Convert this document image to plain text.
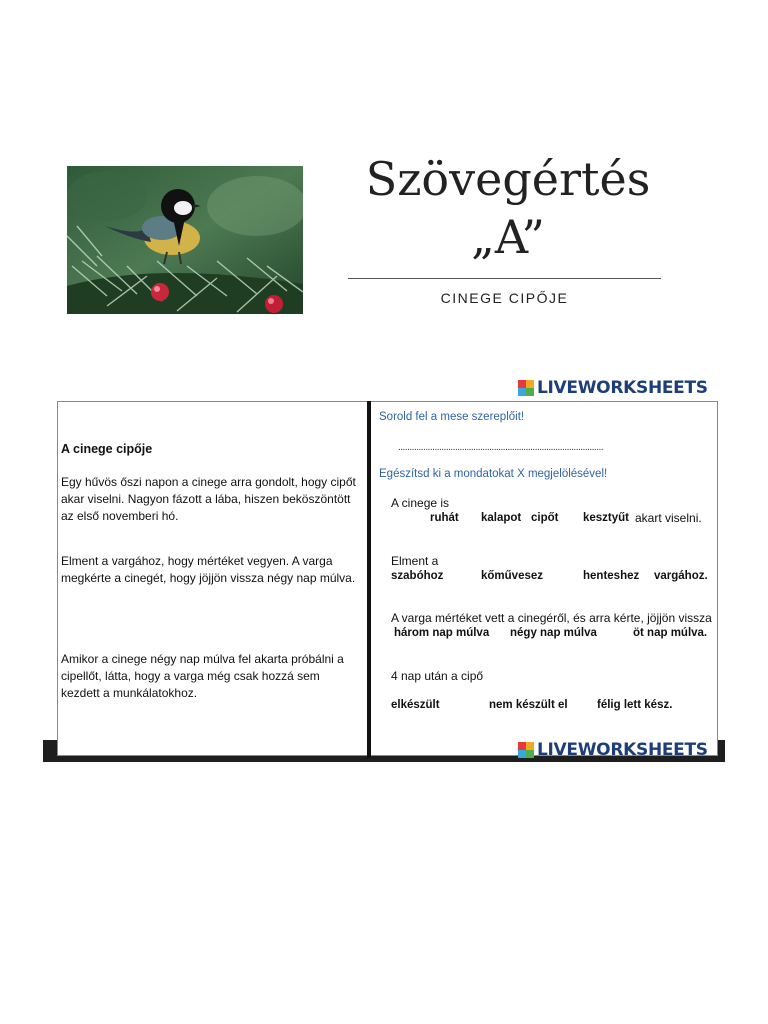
Szövegértés
„A”
CINEGE CIPŐJE
LIVEWORKSHEETS
A cinege cipője
Egy hűvös őszi napon a cinege arra gondolt, hogy cipőt akar viselni. Nagyon fázott a lába, hiszen beköszöntött az első novemberi hó.
Elment a vargához, hogy mértéket vegyen. A varga megkérte a cinegét, hogy jöjjön vissza négy nap múlva.
Amikor a cinege négy nap múlva fel akarta próbálni a cipellőt, látta, hogy a varga még csak hozzá sem kezdett a munkálatokhoz.
Sorold fel a mese szereplőit!
..........................................................................................
Egészítsd ki a mondatokat X megjelölésével!
A cinege is
ruhát kalapot cipőt kesztyűt akart viselni.
Elment a
szabóhoz	kőművesez	henteshez vargához.
A varga mértéket vett a cinegéről, és arra kérte, jöjjön vissza
három nap múlva négy nap múlva	öt nap múlva.
4 nap után a cipő
elkészült	nem készült el	félig lett kész.
LIVEWORKSHEETS
